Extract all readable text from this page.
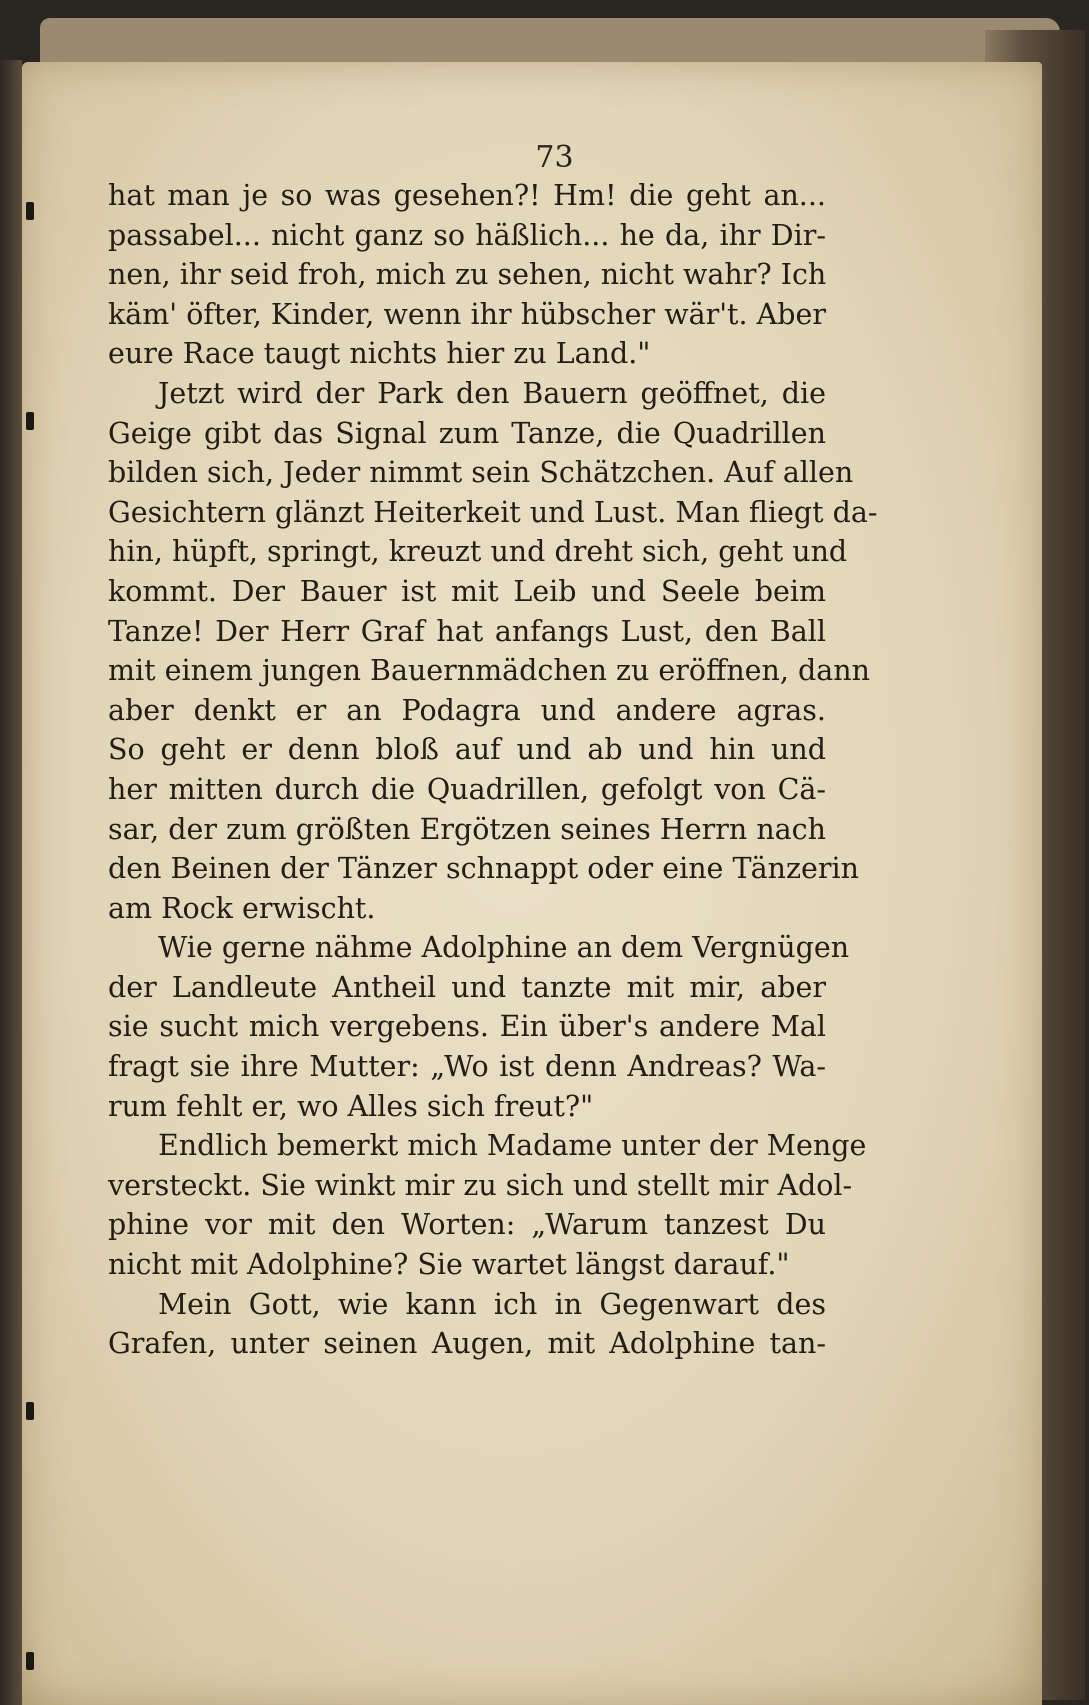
73
hat man je so was gesehen?! Hm! die geht an...
passabel... nicht ganz so häßlich... he da, ihr Dir-
nen, ihr seid froh, mich zu sehen, nicht wahr? Ich
käm' öfter, Kinder, wenn ihr hübscher wär't. Aber
eure Race taugt nichts hier zu Land."
Jetzt wird der Park den Bauern geöffnet, die
Geige gibt das Signal zum Tanze, die Quadrillen
bilden sich, Jeder nimmt sein Schätzchen. Auf allen
Gesichtern glänzt Heiterkeit und Lust. Man fliegt da-
hin, hüpft, springt, kreuzt und dreht sich, geht und
kommt. Der Bauer ist mit Leib und Seele beim
Tanze! Der Herr Graf hat anfangs Lust, den Ball
mit einem jungen Bauernmädchen zu eröffnen, dann
aber denkt er an Podagra und andere agras.
So geht er denn bloß auf und ab und hin und
her mitten durch die Quadrillen, gefolgt von Cä-
sar, der zum größten Ergötzen seines Herrn nach
den Beinen der Tänzer schnappt oder eine Tänzerin
am Rock erwischt.
Wie gerne nähme Adolphine an dem Vergnügen
der Landleute Antheil und tanzte mit mir, aber
sie sucht mich vergebens. Ein über's andere Mal
fragt sie ihre Mutter: „Wo ist denn Andreas? Wa-
rum fehlt er, wo Alles sich freut?"
Endlich bemerkt mich Madame unter der Menge
versteckt. Sie winkt mir zu sich und stellt mir Adol-
phine vor mit den Worten: „Warum tanzest Du
nicht mit Adolphine? Sie wartet längst darauf."
Mein Gott, wie kann ich in Gegenwart des
Grafen, unter seinen Augen, mit Adolphine tan-
